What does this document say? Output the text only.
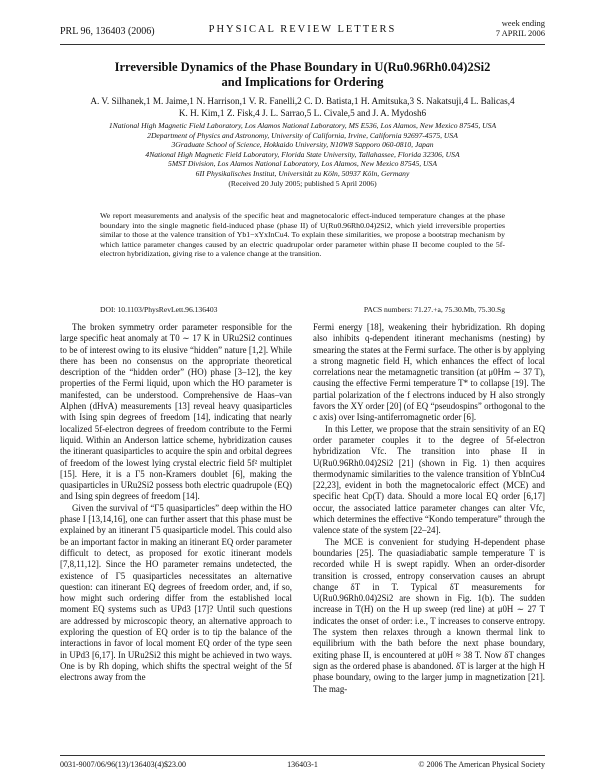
PRL 96, 136403 (2006)	PHYSICAL REVIEW LETTERS
week ending
7 APRIL 2006
Irreversible Dynamics of the Phase Boundary in U(Ru0.96Rh0.04)2Si2
and Implications for Ordering
A. V. Silhanek,1 M. Jaime,1 N. Harrison,1 V. R. Fanelli,2 C. D. Batista,1 H. Amitsuka,3 S. Nakatsuji,4 L. Balicas,4
K. H. Kim,1 Z. Fisk,4 J. L. Sarrao,5 L. Civale,5 and J. A. Mydosh6
1National High Magnetic Field Laboratory, Los Alamos National Laboratory, MS E536, Los Alamos, New Mexico 87545, USA
2Department of Physics and Astronomy, University of California, Irvine, California 92697-4575, USA
3Graduate School of Science, Hokkaido University, N10W8 Sapporo 060-0810, Japan
4National High Magnetic Field Laboratory, Florida State University, Tallahassee, Florida 32306, USA
5MST Division, Los Alamos National Laboratory, Los Alamos, New Mexico 87545, USA
6II Physikalisches Institut, Universität zu Köln, 50937 Köln, Germany
(Received 20 July 2005; published 5 April 2006)
We report measurements and analysis of the specific heat and magnetocaloric effect-induced temperature changes at the phase boundary into the single magnetic field-induced phase (phase II) of U(Ru0.96Rh0.04)2Si2, which yield irreversible properties similar to those at the valence transition of Yb1−xYxInCu4. To explain these similarities, we propose a bootstrap mechanism by which lattice parameter changes caused by an electric quadrupolar order parameter within phase II become coupled to the 5f-electron hybridization, giving rise to a valence change at the transition.
DOI: 10.1103/PhysRevLett.96.136403	PACS numbers: 71.27.+a, 75.30.Mb, 75.30.Sg

The broken symmetry order parameter responsible for the large specific heat anomaly at T0 ∼ 17 K in URu2Si2 continues to be of interest owing to its elusive “hidden” nature [1,2]. While there has been no consensus on the appropriate theoretical description of the “hidden order” (HO) phase [3–12], the key properties of the Fermi liquid, upon which the HO parameter is manifested, can be understood. Comprehensive de Haas–van Alphen (dHvA) measurements [13] reveal heavy quasiparticles with Ising spin degrees of freedom [14], indicating that nearly localized 5f-electron degrees of freedom contribute to the Fermi liquid. Within an Anderson lattice scheme, hybridization causes the itinerant quasiparticles to acquire the spin and orbital degrees of freedom of the lowest lying crystal electric field 5f² multiplet [15]. Here, it is a Γ5 non-Kramers doublet [6], making the quasiparticles in URu2Si2 possess both electric quadrupole (EQ) and Ising spin degrees of freedom [14].

Given the survival of “Γ5 quasiparticles” deep within the HO phase I [13,14,16], one can further assert that this phase must be explained by an itinerant Γ5 quasiparticle model. This could also be an important factor in making an itinerant EQ order parameter difficult to detect, as proposed for exotic itinerant models [7,8,11,12]. Since the HO parameter remains undetected, the existence of Γ5 quasiparticles necessitates an alternative question: can itinerant EQ degrees of freedom order, and, if so, how might such ordering differ from the established local moment EQ systems such as UPd3 [17]? Until such questions are addressed by microscopic theory, an alternative approach to exploring the question of EQ order is to tip the balance of the interactions in favor of local moment EQ order of the type seen in UPd3 [6,17]. In URu2Si2 this might be achieved in two ways. One is by Rh doping, which shifts the spectral weight of the 5f electrons away from the

Fermi energy [18], weakening their hybridization. Rh doping also inhibits q-dependent itinerant mechanisms (nesting) by smearing the states at the Fermi surface. The other is by applying a strong magnetic field H, which enhances the effect of local correlations near the metamagnetic transition (at μ0Hm ∼ 37 T), causing the effective Fermi temperature T* to collapse [19]. The partial polarization of the f electrons induced by H also strongly favors the XY order [20] (of EQ “pseudospins” orthogonal to the c axis) over Ising-antiferromagnetic order [6].

In this Letter, we propose that the strain sensitivity of an EQ order parameter couples it to the degree of 5f-electron hybridization Vfc. The transition into phase II in U(Ru0.96Rh0.04)2Si2 [21] (shown in Fig. 1) then acquires thermodynamic similarities to the valence transition of YbInCu4 [22,23], evident in both the magnetocaloric effect (MCE) and specific heat Cp(T) data. Should a more local EQ order [6,17] occur, the associated lattice parameter changes can alter Vfc, which determines the effective “Kondo temperature” through the valence state of the system [22–24].

The MCE is convenient for studying H-dependent phase boundaries [25]. The quasiadiabatic sample temperature T is recorded while H is swept rapidly. When an order-disorder transition is crossed, entropy conservation causes an abrupt change δT in T. Typical δT measurements for U(Ru0.96Rh0.04)2Si2 are shown in Fig. 1(b). The sudden increase in T(H) on the H up sweep (red line) at μ0H ∼ 27 T indicates the onset of order: i.e., T increases to conserve entropy. The system then relaxes through a known thermal link to equilibrium with the bath before the next phase boundary, exiting phase II, is encountered at μ0H ≈ 38 T. Now δT changes sign as the ordered phase is abandoned. δT is larger at the high H phase boundary, owing to the larger jump in magnetization [21]. The mag-

0031-9007/06/96(13)/136403(4)$23.00	136403-1	© 2006 The American Physical Society
